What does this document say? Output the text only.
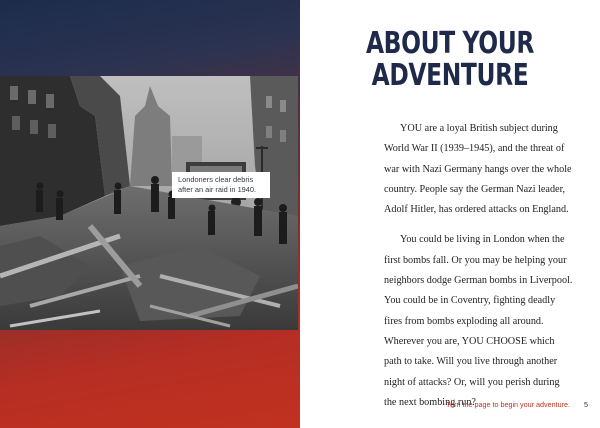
Londoners clear debris after an air raid in 1940.
ABOUT YOUR
ADVENTURE

YOU are a loyal British subject during World War II (1939–1945), and the threat of war with Nazi Germany hangs over the whole country. People say the German Nazi leader, Adolf Hitler, has ordered attacks on England.

You could be living in London when the first bombs fall. Or you may be helping your neighbors dodge German bombs in Liverpool. You could be in Coventry, fighting deadly fires from bombs exploding all around. Wherever you are, YOU CHOOSE which path to take. Will you live through another night of attacks? Or, will you perish during the next bombing run?

Turn the page to begin your adventure.	5
